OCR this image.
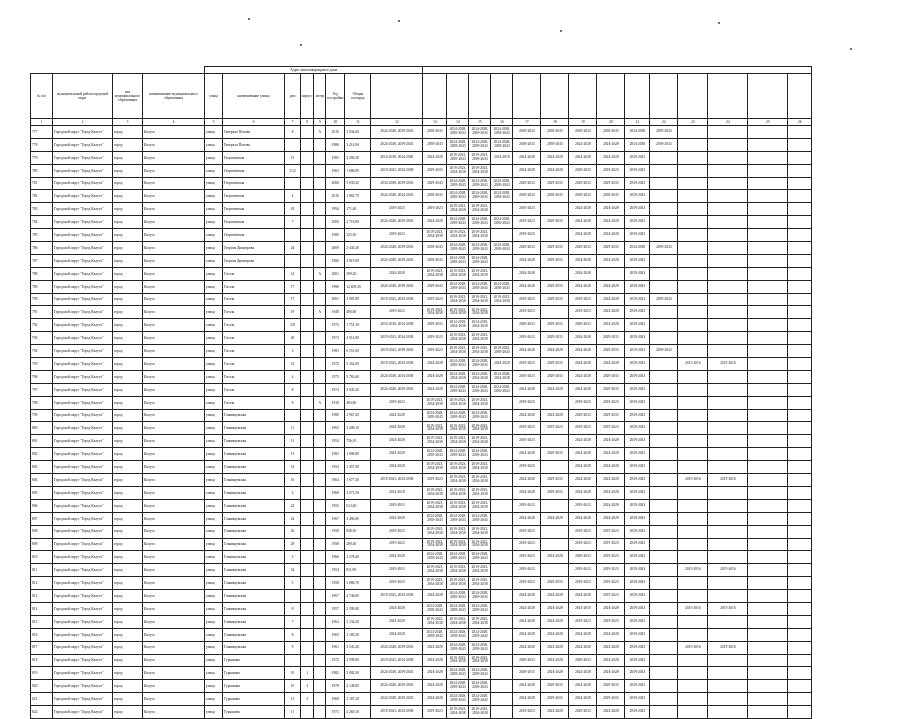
				Адрес многоквартирного дома																					
№ п/п	муниципальный район/городской округ	тип муниципального образования	наименование муниципального образования	улица	наименование улицы	дом	корпус	литер	Год постройки	Общая площадь															
1	2	3	4	5	6	7	8	9	10	11	12	13	14	15	16	17	18	19	20	21	22	23	24	25	26
777	Городской округ "Город Калуга"	город	Калуга	улица	Генерала Попова	8		А	2010	5 034,60	2024-2028, 2039-2043	2039-2043	2024-2028, 2039-2043	2024-2028, 2039-2043	2024-2028, 2039-2043	2039-2043	2039-2043	2039-2043	2039-2043	2034-2038	2039-2043				
778	Городской округ "Город Калуга"	город	Калуга	улица	Генерала Попова				1986	3 214,90	2024-2028, 2039-2043	2039-2043	2024-2028, 2039-2043	2024-2028, 2039-2043	2024-2028, 2039-2043	2039-2043	2039-2043	2024-2028	2024-2028	2034-2038	2039-2043				
779	Городской округ "Город Калуга"	город	Калуга	улица	Георгиевская	15			1983	3 296,30	2014-2018, 2034-2040	2024-2028	2019-2023, 2039-2043	2019-2023, 2039-2043	2014-2018	2024-2028	2024-2028	2024-2028	2024-2028	2039-2043					
780	Городской округ "Город Калуга"	город	Калуга	улица	Георгиевская	1/12			1963	1 686,90	2019-2023, 2034-2038	2029-2033	2019-2023, 2034-2038	2019-2023, 2034-2038		2024-2028	2024-2028	2029-2033	2019-2023	2039-2043					
781	Городской округ "Город Калуга"	город	Калуга	улица	Георгиевская				2006	5 039,20	2034-2038, 2039-2043	2029-2043	2024-2028, 2039-2043	2024-2028, 2039-2043	2024-2028, 2039-2043	2029-2033	2029-2033	2029-2033	2029-2033	2039-2043					
782	Городской округ "Город Калуга"	город	Калуга	улица	Георгиевская	4			2010	1 882,70	2024-2028, 2024-2043	2039-2043	2024-2028, 2039-2043	2024-2028, 2039-2043	2024-2028, 2039-2043	2039-2043	2039-2043	2039-2043	2039-2043	2039-2043					
783	Городской округ "Город Калуга"	город	Калуга	улица	Георгиевская	43			1994	171,40	2019-2023	2019-2023	2019-2023, 2034-2038	2019-2023, 2034-2038		2019-2023		2024-2028	2024-2028	2039-2043					
784	Городской округ "Город Калуга"	город	Калуга	улица	Георгиевская	7			2000	2 718,90	2024-2028, 2039-2043	2024-2028	2024-2028, 2039-2043	2024-2028, 2039-2043	2024-2028, 2039-2043	2019-2023	2029-2033	2024-2028	2024-2028	2039-2043					
785	Городской округ "Город Калуга"	город	Калуга	улица	Георгиевская				1980	325,30	2019-2023	2019-2023, 2034-2038	2019-2023, 2034-2038	2019-2023, 2034-2038		2019-2023		2024-2028	2024-2028	2039-2043					
786	Городской округ "Город Калуга"	город	Калуга	улица	Георгия Димитрова	24			2009	3 443,40	2024-2028, 2039-2043	2039-2043	2024-2028, 2039-2043	2024-2028, 2039-2043	2024-2028, 2039-2043	2029-2033	2029-2033	2029-2033	2029-2033	2034-2038	2039-2043				
787	Городской округ "Город Калуга"	город	Калуга	улица	Георгия Димитрова				1986	4 819,90	2024-2028, 2039-2043	2039-2043	2024-2028, 2039-2043	2024-2028, 2039-2043		2024-2028	2029-2033	2034-2038	2024-2028	2039-2043					
788	Городской округ "Город Калуга"	город	Калуга	улица	Гоголя	14		А	2001	299,20	2024-2028	2019-2023, 2034-2038	2019-2023, 2034-2038	2019-2023, 2034-2038		2024-2028		2024-2028		2039-2043					
789	Городской округ "Город Калуга"	город	Калуга	улица	Гоголя	17			1990	12 659,30	2024-2028, 2039-2043	2029-2043	2024-2028, 2039-2043	2024-2028, 2039-2043	2024-2028, 2039-2043	2024-2028	2029-2033	2024-2028	2024-2028	2039-2043					
790	Городской округ "Город Калуга"	город	Калуга	улица	Гоголя	17			2001	3 005,90	2019-2023, 2034-2038	2019-2023	2019-2023, 2034-2038	2019-2023, 2034-2038	2019-2023, 2034-2038	2019-2023	2029-2033	2019-2023	2024-2028	2019-2023	2039-2043				
791	Городской округ "Город Калуга"	город	Калуга	улица	Гоголя	19		А	1940	480,00	2019-2023	2019-2023, 2034-2038	2019-2023, 2034-2038	2019-2023, 2034-2038		2019-2023		2019-2023	2024-2028	2039-2043					
792	Городской округ "Город Калуга"	город	Калуга	улица	Гоголя	2/8			1975	1 751,10	2014-2018, 2034-2038	2029-2033	2014-2018, 2034-2038	2014-2018, 2034-2038		2029-2033	2029-2033	2029-2033	2024-2028	2039-2043					
793	Городской округ "Город Калуга"	город	Калуга	улица	Гоголя	20			1973	4 514,90	2019-2023, 2034-2038	2019-2023	2019-2023, 2034-2038	2019-2023, 2034-2038		2019-2023	2029-2033	2024-2028	2029-2033	2039-2043					
794	Городской округ "Город Калуга"	город	Калуга	улица	Гоголя	3			1983	6 551,00	2019-2023, 2039-2043	2019-2023	2019-2023, 2034-2038	2019-2023, 2034-2038	2019-2023, 2039-2043	2024-2028	2024-2028	2024-2028	2029-2033	2019-2023	2039-2043				
795	Городской округ "Город Калуга"	город	Калуга	улица	Гоголя	31			1972	5 162,60	2019-2023, 2034-2038	2024-2028	2024-2028, 2039-2043	2024-2028, 2039-2043	2024-2028	2019-2023	2029-2033	2024-2028	2024-2028	2039-2043		2015-2016	2015-2016		
796	Городской округ "Город Калуга"	город	Калуга	улица	Гоголя	4			1975	5 763,60	2024-2028, 2034-2038	2024-2028	2024-2028, 2034-2038	2024-2028, 2034-2038	2024-2028, 2034-2038	2019-2023	2029-2033	2024-2028	2029-2033	2039-2043					
797	Городской округ "Город Калуга"	город	Калуга	улица	Гоголя	8			1974	2 945,20	2024-2028, 2039-2043	2024-2028	2024-2028, 2039-2043	2024-2028, 2039-2043	2024-2028, 2039-2043	2024-2028	2024-2028	2024-2028	2029-2033	2039-2043					
798	Городской округ "Город Калуга"	город	Калуга	улица	Гоголя	9		А	1910	484,80	2019-2023	2019-2023, 2034-2038	2019-2023, 2034-2038	2019-2023, 2034-2038		2019-2023		2019-2023	2019-2023	2039-2043					
799	Городской округ "Город Калуга"	город	Калуга	улица	Глинищевская				1980	2 967,20	2024-2028	2024-2028, 2039-2043	2024-2028, 2039-2043	2024-2028, 2039-2043		2024-2028	2024-2028	2029-2033	2029-2033	2039-2043					
800	Городской округ "Город Калуга"	город	Калуга	улица	Глинищевская	11			1965	3 208,10	2024-2028	2019-2023, 2034-2038	2019-2023, 2034-2038	2019-2023, 2034-2038		2019-2023	2019-2023	2019-2023	2019-2023	2039-2043					
801	Городской округ "Город Калуга"	город	Калуга	улица	Глинищевская	12			1954	756,10	2024-2028	2019-2023, 2034-2038	2019-2023, 2034-2038	2019-2023, 2034-2038		2019-2023		2024-2028	2024-2028	2039-2043					
802	Городской округ "Город Калуга"	город	Калуга	улица	Глинищевская	13			1982	1 906,80	2024-2028	2024-2028, 2039-2043	2024-2028, 2039-2043	2024-2028, 2039-2043		2024-2028	2029-2033	2024-2028	2024-2028	2039-2043					
803	Городской округ "Город Калуга"	город	Калуга	улица	Глинищевская	14			1954	1 457,90	2024-2028	2019-2023, 2034-2038	2019-2023, 2034-2038	2019-2023, 2034-2038		2019-2023		2024-2028	2024-2028	2039-2043					
804	Городской округ "Город Калуга"	город	Калуга	улица	Глинищевская	16			1964	1 677,30	2019-2023, 2034-2038	2019-2023	2019-2023, 2034-2038	2019-2023, 2034-2038		2024-2028	2029-2033	2024-2028	2024-2028	2039-2043		2015-2016	2015-2016		
805	Городской округ "Город Калуга"	город	Калуга	улица	Глинищевская	2			1960	3 073,30	2014-2018	2019-2023, 2034-2038	2019-2023, 2034-2038	2019-2023, 2034-2038		2024-2028	2029-2033	2024-2028	2024-2028	2039-2043					
806	Городской округ "Город Калуга"	город	Калуга	улица	Глинищевская	22			1955	613,40	2019-2023	2019-2023, 2034-2038	2019-2023, 2034-2038	2019-2023, 2034-2038		2019-2023		2019-2023	2024-2028	2039-2043					
807	Городской округ "Город Калуга"	город	Калуга	улица	Глинищевская	24			1967	3 496,60	2024-2028	2024-2028, 2039-2043	2024-2028, 2039-2043	2024-2028, 2039-2043		2024-2028	2024-2028	2024-2028	2024-2028	2039-2043					
808	Городской округ "Город Калуга"	город	Калуга	улица	Глинищевская	26			1958	840,30	2019-2023	2019-2023, 2034-2038	2019-2023, 2034-2038	2019-2023, 2034-2038		2019-2023		2019-2023	2019-2023	2039-2043					
809	Городской округ "Город Калуга"	город	Калуга	улица	Глинищевская	28			1958	289,30	2019-2023	2019-2023, 2034-2038	2019-2023, 2034-2038	2019-2023, 2034-2038		2019-2023		2019-2023	2019-2023	2039-2043					
810	Городской округ "Город Калуга"	город	Калуга	улица	Глинищевская	3			1966	2 278,40	2024-2028	2024-2028, 2039-2043	2024-2028, 2039-2043	2024-2028, 2039-2043		2019-2023	2024-2028	2029-2033	2019-2023	2039-2043					
811	Городской округ "Город Калуга"	город	Калуга	улица	Глинищевская	32			1954	811,90	2019-2023	2019-2023, 2034-2038	2019-2023, 2034-2038	2019-2023, 2034-2038		2019-2023		2019-2023	2019-2023	2039-2043		2015-2016	2015-2016		
812	Городской округ "Город Калуга"	город	Калуга	улица	Глинищевская	5			1958	3 886,70	2019-2023	2019-2023, 2034-2038	2019-2023, 2034-2038	2019-2023, 2034-2038		2019-2023	2029-2033	2019-2023	2019-2023	2039-2043					
813	Городской округ "Город Калуга"	город	Калуга	улица	Глинищевская				1967	4 746,00	2019-2023, 2034-2038	2024-2028	2024-2028, 2039-2043	2024-2028, 2039-2043		2024-2028	2024-2028	2024-2028	2019-2023	2039-2043					
814	Городской округ "Город Калуга"	город	Калуга	улица	Глинищевская	8			1957	2 599,40	2024-2028	2024-2028, 2039-2043	2024-2028, 2039-2043	2024-2028, 2039-2043		2024-2028	2024-2028	2014-2018	2024-2028	2039-2043		2015-2016	2015-2016		
815	Городской округ "Город Калуга"	город	Калуга	улица	Глинищевская	7			1962	3 134,20	2024-2028	2019-2023, 2034-2038	2019-2023, 2034-2038	2019-2023, 2034-2038		2024-2028	2024-2028	2019-2023	2019-2023	2039-2043					
816	Городской округ "Город Калуга"	город	Калуга	улица	Глинищевская	8			1965	3 185,30	2024-2028	2024-2028, 2039-2043	2024-2028, 2039-2043	2024-2028, 2039-2043		2024-2028	2024-2028	2024-2028	2024-2028	2039-2043					
817	Городской округ "Город Калуга"	город	Калуга	улица	Глинищевская	9			1961	3 543,20	2024-2028, 2039-2043	2024-2028	2024-2028, 2039-2043	2024-2028, 2039-2043		2024-2028	2024-2028	2024-2028	2024-2028	2039-2043		2015-2016	2015-2016		
818	Городской округ "Город Калуга"	город	Калуга	улица	Гурьянова				1972	2 598,90	2019-2023, 2034-2038	2024-2028	2019-2023, 2034-2038	2019-2023, 2034-2038		2029-2033	2024-2028	2029-2033	2024-2028	2039-2043					
819	Городской округ "Город Калуга"	город	Калуга	улица	Гурьянова	10	1		1982	3 002,30	2024-2028, 2039-2043	2024-2028	2024-2028, 2039-2043	2024-2028, 2039-2043		2029-2033	2024-2028	2024-2028	2024-2028	2039-2043					
820	Городской округ "Город Калуга"	город	Калуга	улица	Гурьянова	10	2		1978	2 148,00	2024-2028, 2039-2043	2024-2028	2024-2028, 2039-2043	2024-2028, 2039-2043		2024-2028	2029-2033	2024-2028	2029-2033	2039-2043					
821	Городской округ "Город Калуга"	город	Калуга	улица	Гурьянова	13	3		1968	2 187,20	2024-2028, 2039-2043	2024-2028	2024-2028, 2039-2043	2024-2028, 2039-2043		2024-2028	2029-2033	2024-2028	2029-2033	2039-2043					
822	Городской округ "Город Калуга"	город	Калуга	улица	Гурьянова	11			1973	2 265,10	2019-2023, 2034-2038	2019-2023	2019-2023, 2034-2038	2019-2023, 2034-2038		2019-2023	2024-2028	2029-2033	2024-2028	2039-2043					
